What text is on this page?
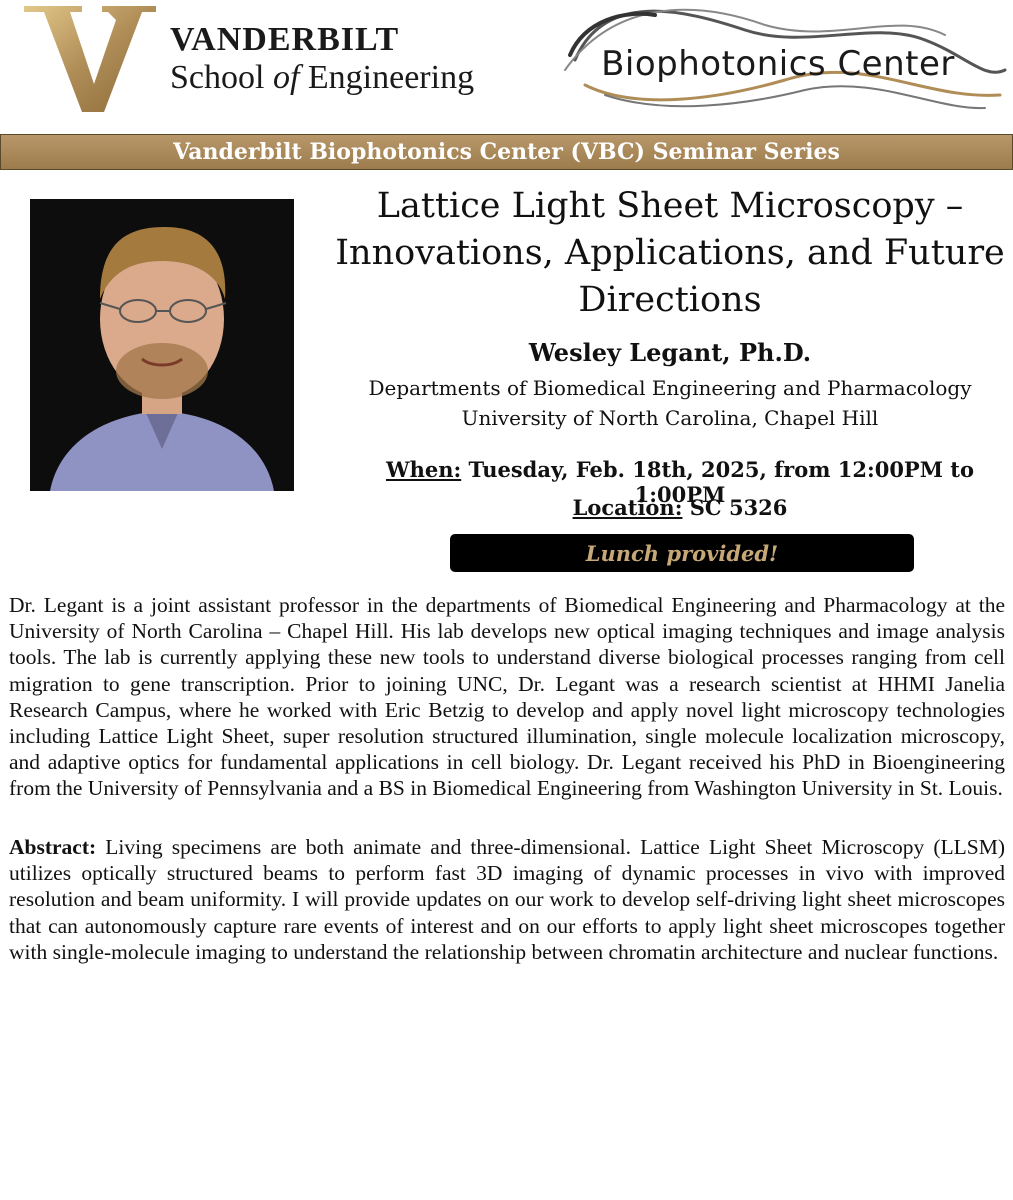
VANDERBILT
School of Engineering	Biophotonics Center
Vanderbilt Biophotonics Center (VBC) Seminar Series
Lattice Light Sheet Microscopy – Innovations, Applications, and Future Directions
Wesley Legant, Ph.D.
Departments of Biomedical Engineering and Pharmacology
University of North Carolina, Chapel Hill
When: Tuesday, Feb. 18th, 2025, from 12:00PM to 1:00PM
Location: SC 5326
Lunch provided!
Dr. Legant is a joint assistant professor in the departments of Biomedical Engineering and Pharmacology at the University of North Carolina – Chapel Hill. His lab develops new optical imaging techniques and image analysis tools. The lab is currently applying these new tools to understand diverse biological processes ranging from cell migration to gene transcription. Prior to joining UNC, Dr. Legant was a research scientist at HHMI Janelia Research Campus, where he worked with Eric Betzig to develop and apply novel light microscopy technologies including Lattice Light Sheet, super resolution structured illumination, single molecule localization microscopy, and adaptive optics for fundamental applications in cell biology. Dr. Legant received his PhD in Bioengineering from the University of Pennsylvania and a BS in Biomedical Engineering from Washington University in St. Louis.
Abstract: Living specimens are both animate and three-dimensional. Lattice Light Sheet Microscopy (LLSM) utilizes optically structured beams to perform fast 3D imaging of dynamic processes in vivo with improved resolution and beam uniformity. I will provide updates on our work to develop self-driving light sheet microscopes that can autonomously capture rare events of interest and on our efforts to apply light sheet microscopes together with single-molecule imaging to understand the relationship between chromatin architecture and nuclear functions.
